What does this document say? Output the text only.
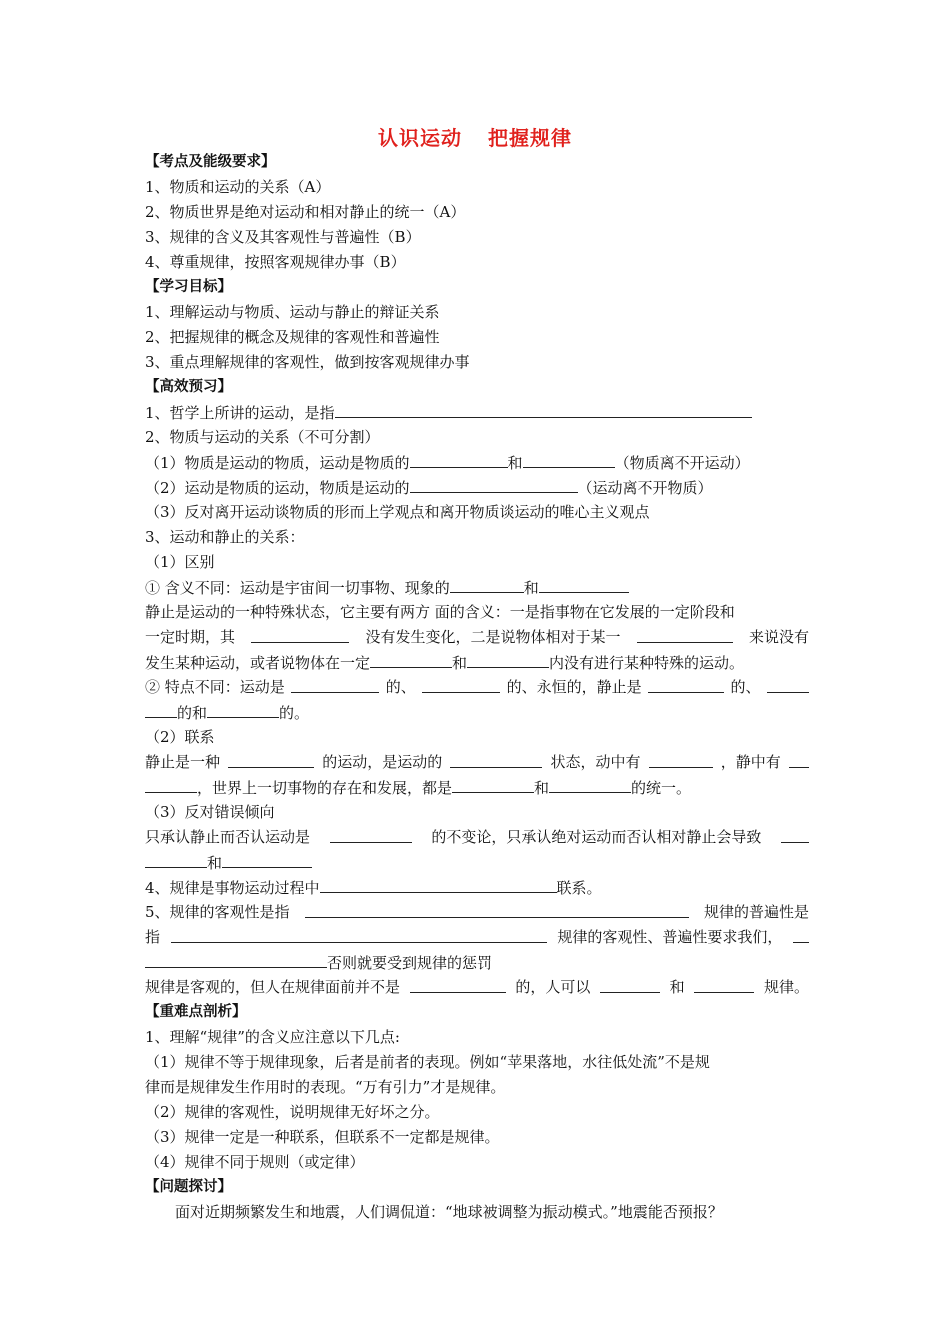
认识运动 把握规律
【考点及能级要求】
1、物质和运动的关系（A）
2、物质世界是绝对运动和相对静止的统一（A）
3、规律的含义及其客观性与普遍性（B）
4、尊重规律，按照客观规律办事（B）
【学习目标】
1、理解运动与物质、运动与静止的辩证关系
2、把握规律的概念及规律的客观性和普遍性
3、重点理解规律的客观性，做到按客观规律办事
【高效预习】
1、哲学上所讲的运动，是指
2、物质与运动的关系（不可分割）
（1）物质是运动的物质，运动是物质的	和	（物质离不开运动）
（2）运动是物质的运动，物质是运动的	（运动离不开物质）
（3）反对离开运动谈物质的形而上学观点和离开物质谈运动的唯心主义观点
3、运动和静止的关系：
（1）区别
① 含义不同：运动是宇宙间一切事物、现象的	和
静止是运动的一种特殊状态，它主要有两方 面的含义：一是指事物在它发展的一定阶段和
一定时期，其	没有发生变化，二是说物体相对于某一	来说没有
发生某种运动，或者说物体在一定	和	内没有进行某种特殊的运动。
② 特点不同：运动是	的、	的、永恒的，静止是	的、
的和	的。
（2）联系
静止是一种	的运动，是运动的	状态，动中有	，静中有
，世界上一切事物的存在和发展，都是	和	的统一。
（3）反对错误倾向
只承认静止而否认运动是	的不变论，只承认绝对运动而否认相对静止会导致
和
4、规律是事物运动过程中	联系。
5、规律的客观性是指	规律的普遍性是
指	规律的客观性、普遍性要求我们，
否则就要受到规律的惩罚
规律是客观的，但人在规律面前并不是	的，人可以	和	规律。
【重难点剖析】
1、理解“规律”的含义应注意以下几点:
（1）规律不等于规律现象，后者是前者的表现。例如“苹果落地，水往低处流”不是规
律而是规律发生作用时的表现。“万有引力”才是规律。
（2）规律的客观性，说明规律无好坏之分。
（3）规律一定是一种联系，但联系不一定都是规律。
（4）规律不同于规则（或定律）
【问题探讨】
面对近期频繁发生和地震，人们调侃道：“地球被调整为振动模式。”地震能否预报？
